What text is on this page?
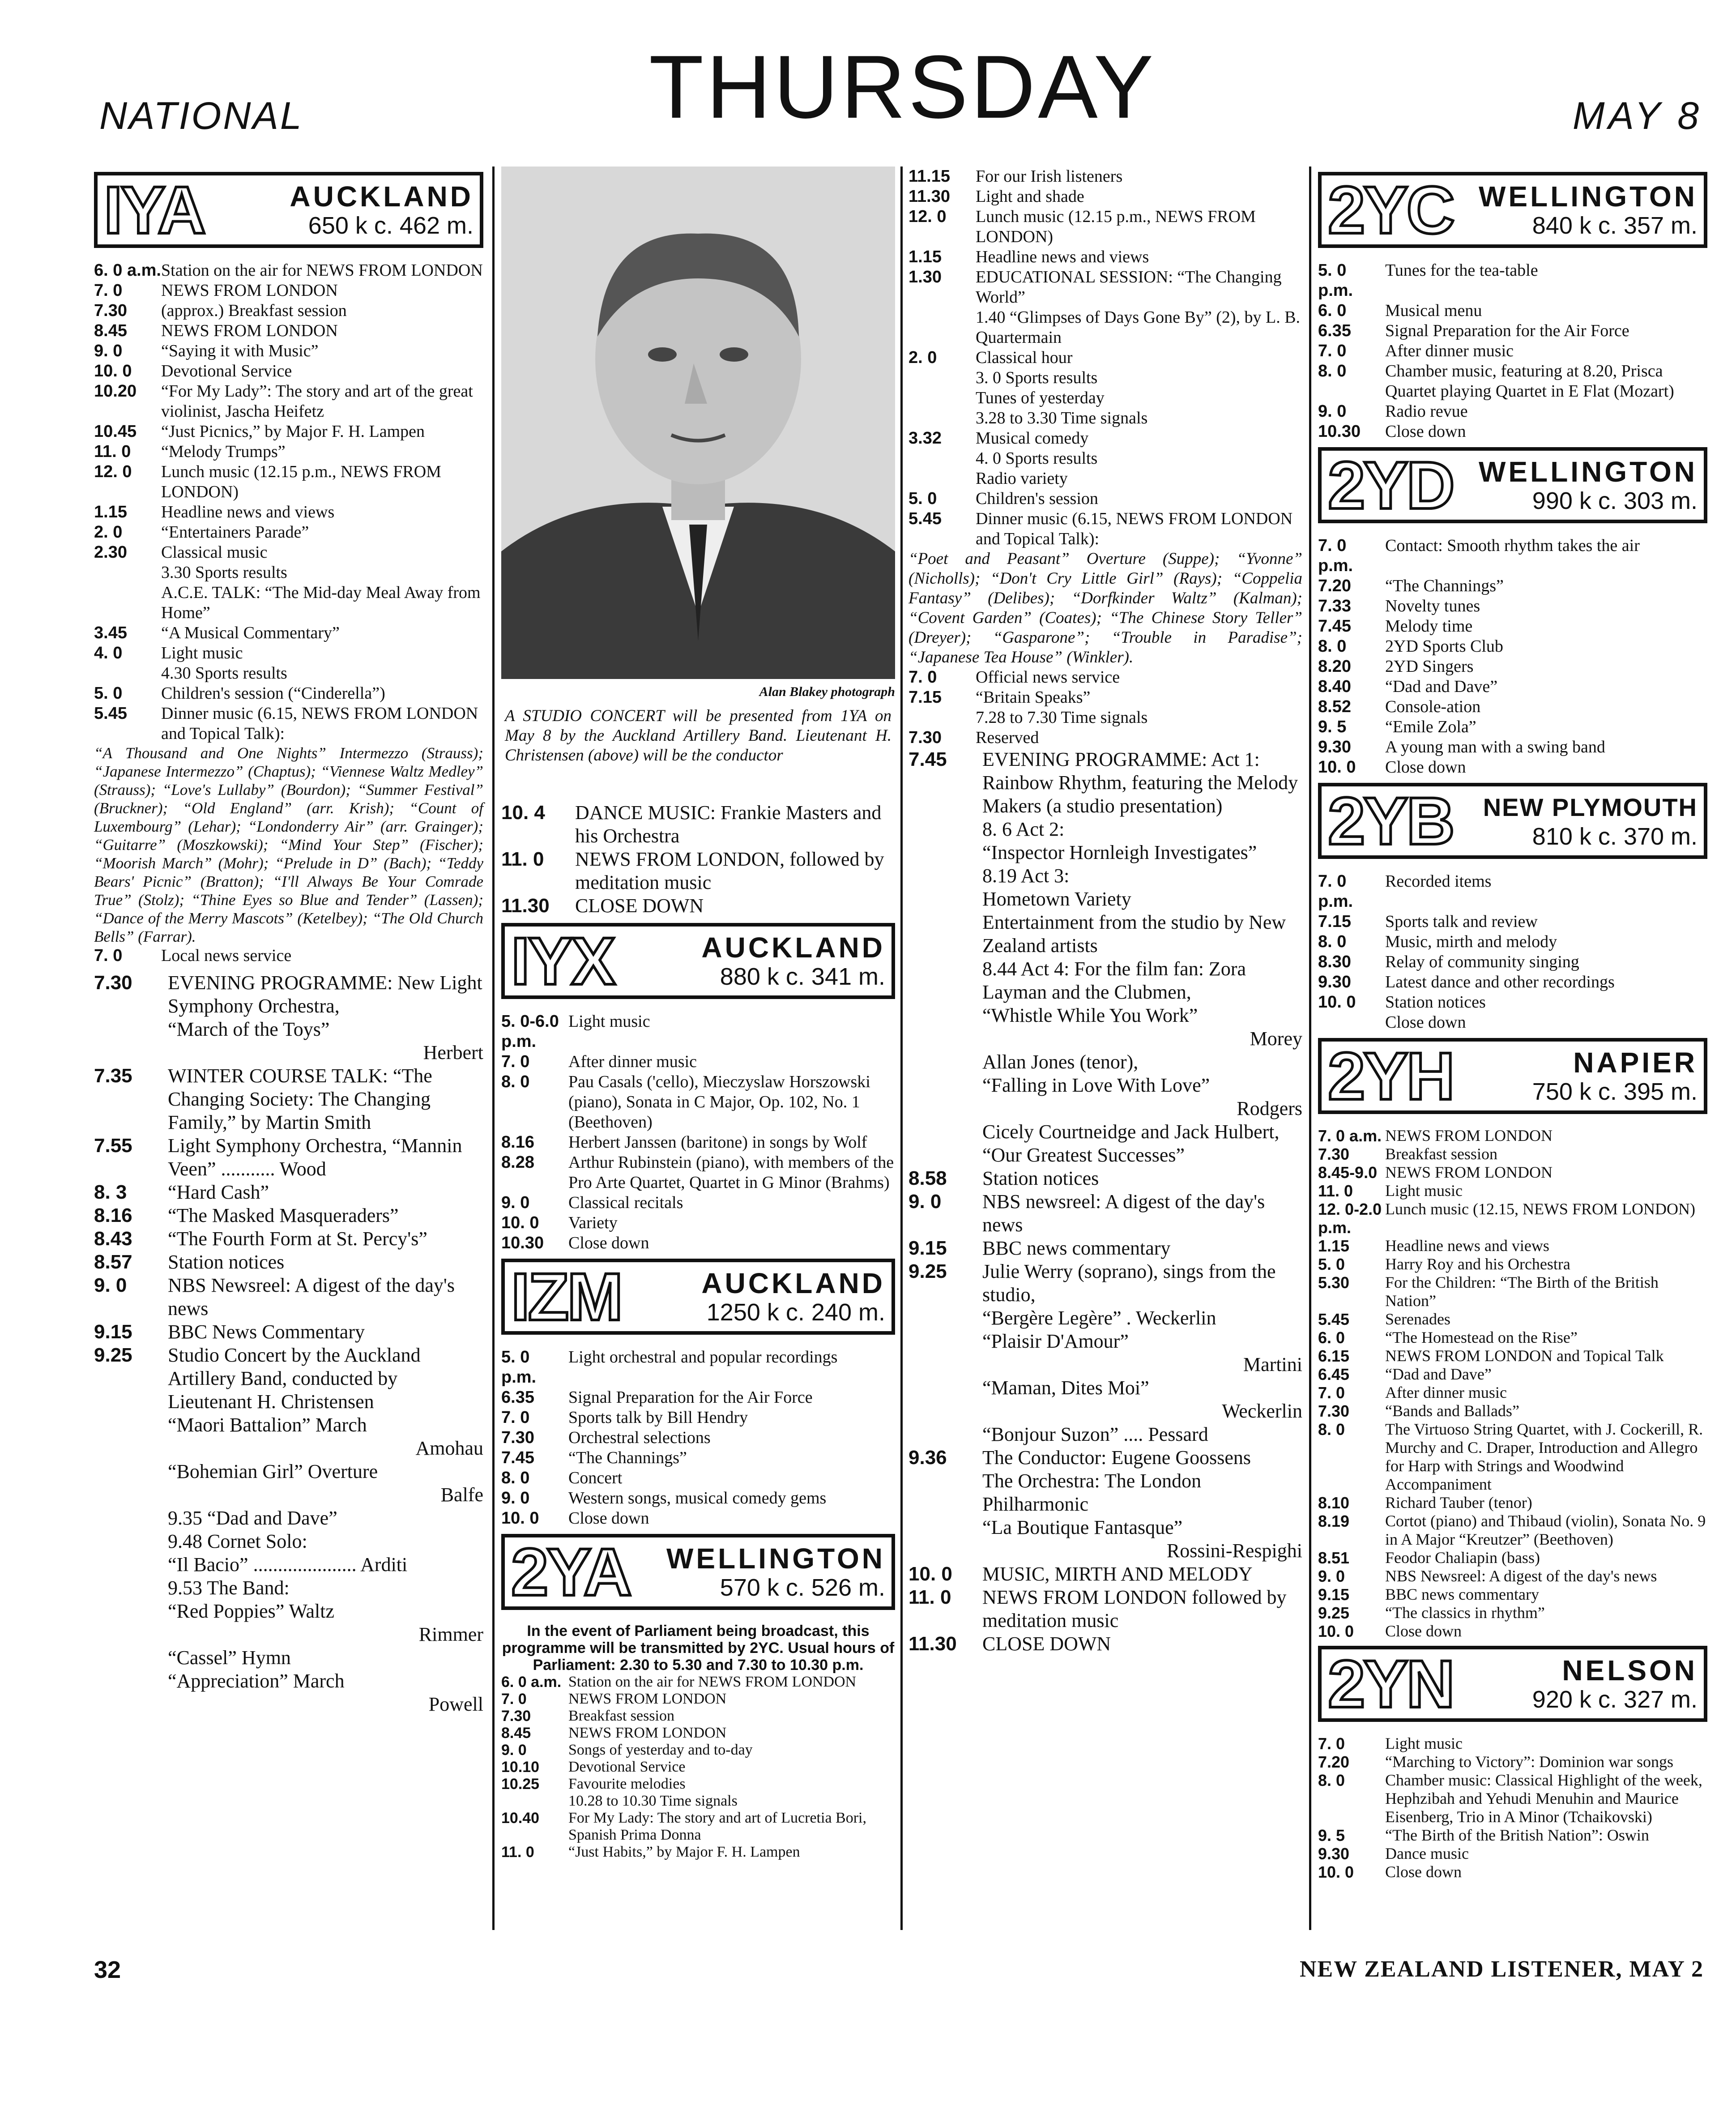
NATIONAL	THURSDAY	MAY 8
IYA	AUCKLAND
650 k c. 462 m.
6. 0 a.m. Station on the air for NEWS FROM LONDON
7. 0	NEWS FROM LONDON
7.30	(approx.) Breakfast session
8.45	NEWS FROM LONDON
9. 0	“Saying it with Music”
10. 0	Devotional Service
10.20	“For My Lady”: The story and art of the great violinist, Jascha Heifetz
10.45	“Just Picnics,” by Major F. H. Lampen
11. 0	“Melody Trumps”
12. 0	Lunch music (12.15 p.m., NEWS FROM LONDON)
1.15	Headline news and views
2. 0	“Entertainers Parade”
2.30	Classical music
3.30 Sports results
A.C.E. TALK: “The Mid-day Meal Away from Home”
3.45	“A Musical Commentary”
4. 0	Light music
4.30 Sports results
5. 0	Children's session (“Cinderella”)
5.45	Dinner music (6.15, NEWS FROM LONDON and Topical Talk):
“A Thousand and One Nights” Intermezzo (Strauss); “Japanese Intermezzo” (Chaptus); “Viennese Waltz Medley” (Strauss); “Love's Lullaby” (Bourdon); “Summer Festival” (Bruckner); “Old England” (arr. Krish); “Count of Luxembourg” (Lehar); “Londonderry Air” (arr. Grainger); “Guitarre” (Moszkowski); “Mind Your Step” (Fischer); “Moorish March” (Mohr); “Prelude in D” (Bach); “Teddy Bears' Picnic” (Bratton); “I'll Always Be Your Comrade True” (Stolz); “Thine Eyes so Blue and Tender” (Lassen); “Dance of the Merry Mascots” (Ketelbey); “The Old Church Bells” (Farrar).
7. 0	Local news service
7.30	EVENING PROGRAMME: New Light Symphony Orchestra,
“March of the Toys”
Herbert
7.35	WINTER COURSE TALK: “The Changing Society: The Changing Family,” by Martin Smith
7.55	Light Symphony Orchestra, “Mannin Veen” ........... Wood
8. 3	“Hard Cash”
8.16	“The Masked Masqueraders”
8.43	“The Fourth Form at St. Percy's”
8.57	Station notices
9. 0	NBS Newsreel: A digest of the day's news
9.15	BBC News Commentary
9.25	Studio Concert by the Auckland Artillery Band, conducted by Lieutenant H. Christensen
“Maori Battalion” March
Amohau
“Bohemian Girl” Overture
Balfe
9.35 “Dad and Dave”
9.48 Cornet Solo:
“Il Bacio” ..................... Arditi
9.53 The Band:
“Red Poppies” Waltz
Rimmer
“Cassel” Hymn
“Appreciation” March
Powell
Alan Blakey photograph
A STUDIO CONCERT will be presented from 1YA on May 8 by the Auckland Artillery Band. Lieutenant H. Christensen (above) will be the conductor
10. 4	DANCE MUSIC: Frankie Masters and his Orchestra
11. 0	NEWS FROM LONDON, followed by meditation music
11.30	CLOSE DOWN
IYX	AUCKLAND
880 k c. 341 m.
5. 0-6.0 p.m.
Light music
7. 0	After dinner music
8. 0	Pau Casals ('cello), Mieczyslaw Horszowski (piano), Sonata in C Major, Op. 102, No. 1 (Beethoven)
8.16	Herbert Janssen (baritone) in songs by Wolf
8.28	Arthur Rubinstein (piano), with members of the Pro Arte Quartet, Quartet in G Minor (Brahms)
9. 0	Classical recitals
10. 0	Variety
10.30	Close down
IZM	AUCKLAND
1250 k c. 240 m.
5. 0 p.m.
Light orchestral and popular recordings
6.35	Signal Preparation for the Air Force
7. 0	Sports talk by Bill Hendry
7.30	Orchestral selections
7.45	“The Channings”
8. 0	Concert
9. 0	Western songs, musical comedy gems
10. 0	Close down
2YA	WELLINGTON
570 k c. 526 m.
In the event of Parliament being broadcast, this programme will be transmitted by 2YC. Usual hours of Parliament: 2.30 to 5.30 and 7.30 to 10.30 p.m.
6. 0 a.m. Station on the air for NEWS FROM LONDON
7. 0	NEWS FROM LONDON
7.30	Breakfast session
8.45	NEWS FROM LONDON
9. 0	Songs of yesterday and to-day
10.10	Devotional Service
10.25	Favourite melodies
10.28 to 10.30 Time signals
10.40	For My Lady: The story and art of Lucretia Bori, Spanish Prima Donna
11. 0	“Just Habits,” by Major F. H. Lampen
11.15	For our Irish listeners
11.30	Light and shade
12. 0	Lunch music (12.15 p.m., NEWS FROM LONDON)
1.15	Headline news and views
1.30	EDUCATIONAL SESSION: “The Changing World”
1.40 “Glimpses of Days Gone By” (2), by L. B. Quartermain
2. 0	Classical hour
3. 0 Sports results
Tunes of yesterday
3.28 to 3.30 Time signals
3.32	Musical comedy
4. 0 Sports results
Radio variety
5. 0	Children's session
5.45	Dinner music (6.15, NEWS FROM LONDON and Topical Talk):
“Poet and Peasant” Overture (Suppe); “Yvonne” (Nicholls); “Don't Cry Little Girl” (Rays); “Coppelia Fantasy” (Delibes); “Dorfkinder Waltz” (Kalman); “Covent Garden” (Coates); “The Chinese Story Teller” (Dreyer); “Gasparone”; “Trouble in Paradise”; “Japanese Tea House” (Winkler).
7. 0	Official news service
7.15	“Britain Speaks”
7.28 to 7.30 Time signals
7.30	Reserved
7.45	EVENING PROGRAMME: Act 1:
Rainbow Rhythm, featuring the Melody Makers (a studio presentation)
8. 6 Act 2:
“Inspector Hornleigh Investigates”
8.19 Act 3:
Hometown Variety
Entertainment from the studio by New Zealand artists
8.44 Act 4: For the film fan: Zora Layman and the Clubmen,
“Whistle While You Work”
Morey
Allan Jones (tenor),
“Falling in Love With Love”
Rodgers
Cicely Courtneidge and Jack Hulbert,
“Our Greatest Successes”
8.58	Station notices
9. 0	NBS newsreel: A digest of the day's news
9.15	BBC news commentary
9.25	Julie Werry (soprano), sings from the studio,
“Bergère Legère” . Weckerlin
“Plaisir D'Amour”
Martini
“Maman, Dites Moi”
Weckerlin
“Bonjour Suzon” .... Pessard
9.36	The Conductor: Eugene Goossens
The Orchestra: The London Philharmonic
“La Boutique Fantasque”
Rossini-Respighi
10. 0	MUSIC, MIRTH AND MELODY
11. 0	NEWS FROM LONDON followed by meditation music
11.30	CLOSE DOWN
2YC WELLINGTON
840 k c. 357 m.
5. 0 p.m.
Tunes for the tea-table
6. 0	Musical menu
6.35	Signal Preparation for the Air Force
7. 0	After dinner music
8. 0	Chamber music, featuring at 8.20, Prisca Quartet playing Quartet in E Flat (Mozart)
9. 0	Radio revue
10.30	Close down
2YD WELLINGTON
990 k c. 303 m.
7. 0 p.m.
Contact: Smooth rhythm takes the air
7.20	“The Channings”
7.33	Novelty tunes
7.45	Melody time
8. 0	2YD Sports Club
8.20	2YD Singers
8.40	“Dad and Dave”
8.52	Console-ation
9. 5	“Emile Zola”
9.30	A young man with a swing band
10. 0	Close down
2YB	NEW PLYMOUTH
810 k c. 370 m.
7. 0 p.m.
Recorded items
7.15	Sports talk and review
8. 0	Music, mirth and melody
8.30	Relay of community singing
9.30	Latest dance and other recordings
10. 0	Station notices
Close down
2YH	NAPIER
750 k c. 395 m.
7. 0 a.m. NEWS FROM LONDON
7.30	Breakfast session
8.45-9.0 NEWS FROM LONDON
11. 0	Light music
12. 0-2.0 p.m.
Lunch music (12.15, NEWS FROM LONDON)
1.15	Headline news and views
5. 0	Harry Roy and his Orchestra
5.30	For the Children: “The Birth of the British Nation”
5.45	Serenades
6. 0	“The Homestead on the Rise”
6.15	NEWS FROM LONDON and Topical Talk
6.45	“Dad and Dave”
7. 0	After dinner music
7.30	“Bands and Ballads”
8. 0	The Virtuoso String Quartet, with J. Cockerill, R. Murchy and C. Draper, Introduction and Allegro for Harp with Strings and Woodwind Accompaniment
8.10	Richard Tauber (tenor)
8.19	Cortot (piano) and Thibaud (violin), Sonata No. 9 in A Major “Kreutzer” (Beethoven)
8.51	Feodor Chaliapin (bass)
9. 0	NBS Newsreel: A digest of the day's news
9.15	BBC news commentary
9.25	“The classics in rhythm”
10. 0	Close down
2YN	NELSON
920 k c. 327 m.
7. 0	Light music
7.20	“Marching to Victory”: Dominion war songs
8. 0	Chamber music: Classical Highlight of the week, Hephzibah and Yehudi Menuhin and Maurice Eisenberg, Trio in A Minor (Tchaikovski)
9. 5	“The Birth of the British Nation”: Oswin
9.30	Dance music
10. 0	Close down
32	NEW ZEALAND LISTENER, MAY 2
